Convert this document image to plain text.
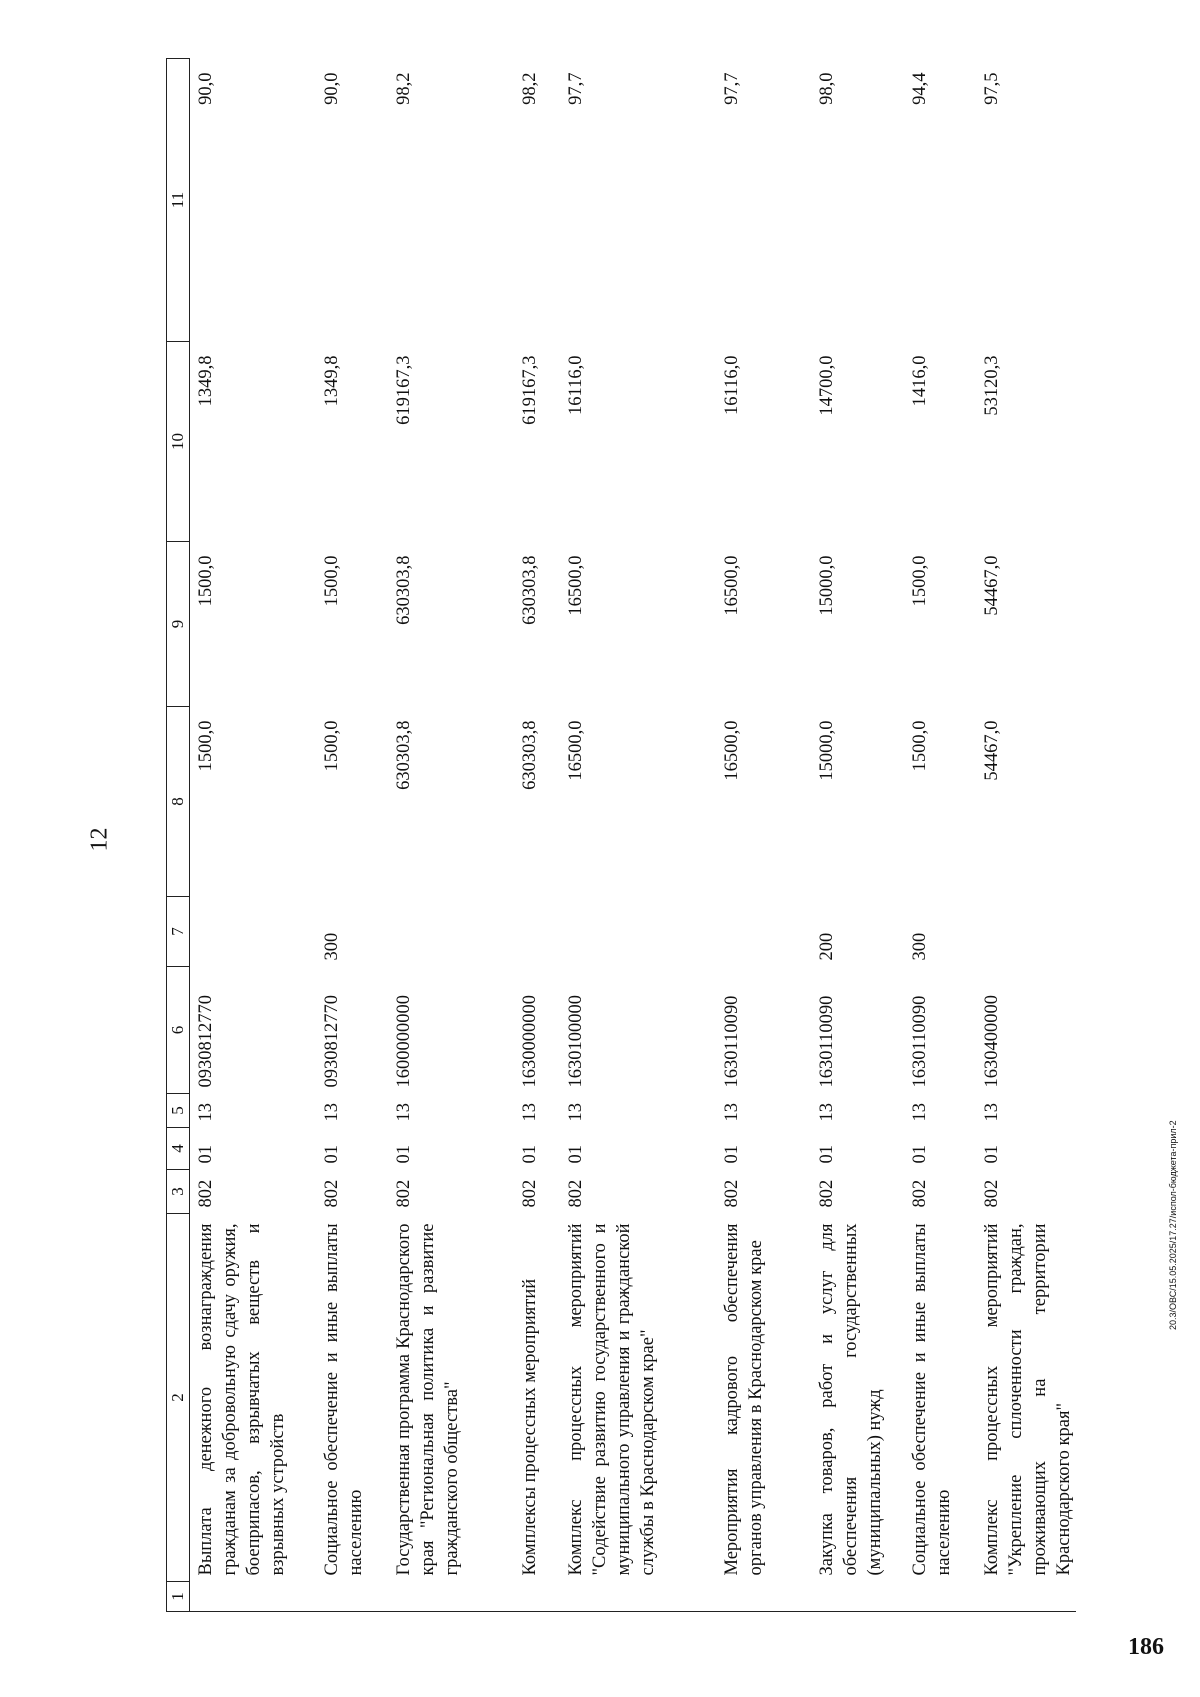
12
1	2	3	4	5	6	7	8	9	10	11
	Выплата денежного вознаграждения гражданам за добровольную сдачу оружия, боеприпасов, взрывчатых веществ и взрывных устройств	802	01	13	0930812770		1500,0	1500,0	1349,8	90,0
	Социальное обеспечение и иные выплаты населению	802	01	13	0930812770	300	1500,0	1500,0	1349,8	90,0
	Государственная программа Краснодарского края "Региональная политика и развитие гражданского общества"	802	01	13	1600000000		630303,8	630303,8	619167,3	98,2
	Комплексы процессных мероприятий	802	01	13	1630000000		630303,8	630303,8	619167,3	98,2
	Комплекс процессных мероприятий "Содействие развитию государственного и муниципального управления и гражданской службы в Краснодарском крае"	802	01	13	1630100000		16500,0	16500,0	16116,0	97,7
	Мероприятия кадрового обеспечения органов управления в Краснодарском крае	802	01	13	1630110090		16500,0	16500,0	16116,0	97,7
	Закупка товаров, работ и услуг для обеспечения государственных (муниципальных) нужд	802	01	13	1630110090	200	15000,0	15000,0	14700,0	98,0
	Социальное обеспечение и иные выплаты населению	802	01	13	1630110090	300	1500,0	1500,0	1416,0	94,4
	Комплекс процессных мероприятий "Укрепление сплоченности граждан, проживающих на территории Краснодарского края"	802	01	13	1630400000		54467,0	54467,0	53120,3	97,5
20.3/ОВС/15.05.2025/17.27/испол-бюджета-прил-2
186
